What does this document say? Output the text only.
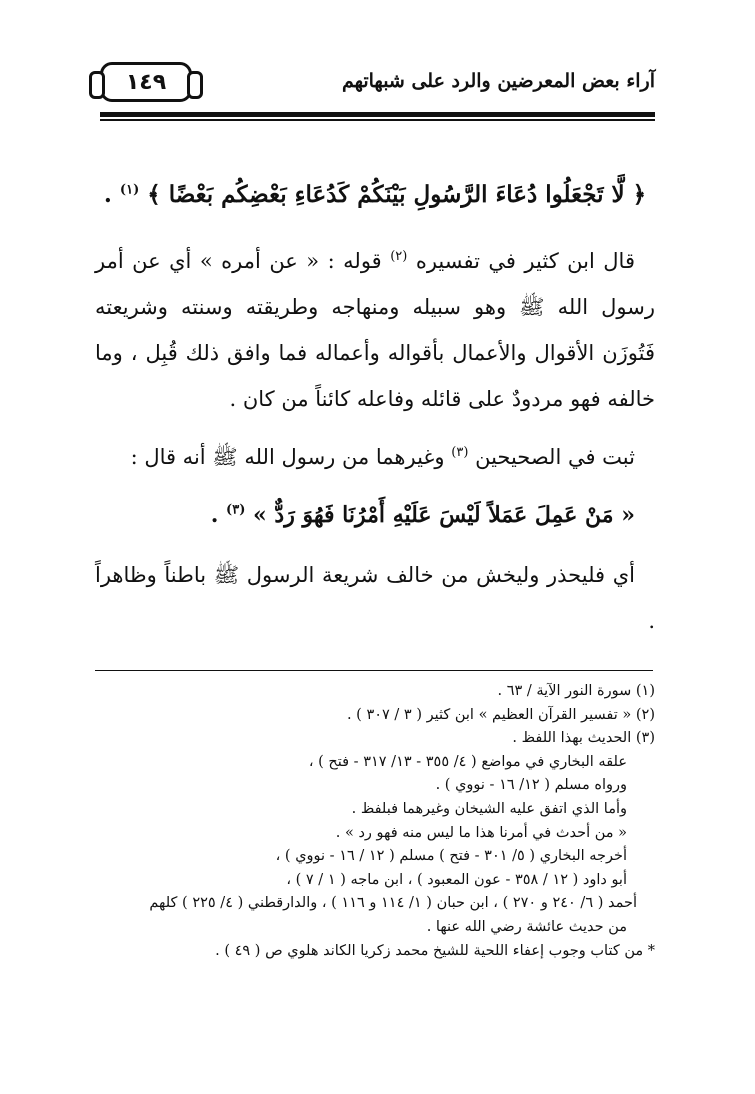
١٤٩	آراء بعض المعرضين والرد على شبهاتهم
﴿ لَّا تَجْعَلُوا دُعَاءَ الرَّسُولِ بَيْنَكُمْ كَدُعَاءِ بَعْضِكُم بَعْضًا ﴾ $^{(١)}$ .

قال ابن كثير في تفسيره $^{(٢)}$ قوله : « عن أمره » أي عن أمر رسول الله ﷺ وهو سبيله ومنهاجه وطريقته وسنته وشريعته فَتُوزَن الأقوال والأعمال بأقواله وأعماله فما وافق ذلك قُبِل ، وما خالفه فهو مردودٌ على قائله وفاعله كائناً من كان .

ثبت في الصحيحين $^{(٣)}$ وغيرهما من رسول الله ﷺ أنه قال :

« مَنْ عَمِلَ عَمَلاً لَيْسَ عَلَيْهِ أَمْرُنَا فَهُوَ رَدٌّ » $^{(٣)}$ .

أي فليحذر وليخش من خالف شريعة الرسول ﷺ باطناً وظاهراً .

(١) سورة النور الآية / ٦٣ .
(٢) « تفسير القرآن العظيم » ابن كثير ( ٣ / ٣٠٧ ) .
(٣) الحديث بهذا اللفظ .
علقه البخاري في مواضع ( ٤/ ٣٥٥ - ١٣/ ٣١٧ - فتح ) ،
ورواه مسلم ( ١٢/ ١٦ - نووي ) .
وأما الذي اتفق عليه الشيخان وغيرهما فبلفظ .
« من أحدث في أمرنا هذا ما ليس منه فهو رد » .
أخرجه البخاري ( ٥/ ٣٠١ - فتح ) مسلم ( ١٢ / ١٦ - نووي ) ،
أبو داود ( ١٢ / ٣٥٨ - عون المعبود ) ، ابن ماجه ( ١ / ٧ ) ،
أحمد ( ٦/ ٢٤٠ و ٢٧٠ ) ، ابن حبان ( ١/ ١١٤ و ١١٦ ) ، والدارقطني ( ٤/ ٢٢٥ ) كلهم
من حديث عائشة رضي الله عنها .
* من كتاب وجوب إعفاء اللحية للشيخ محمد زكريا الكاند هلوي ص ( ٤٩ ) .
